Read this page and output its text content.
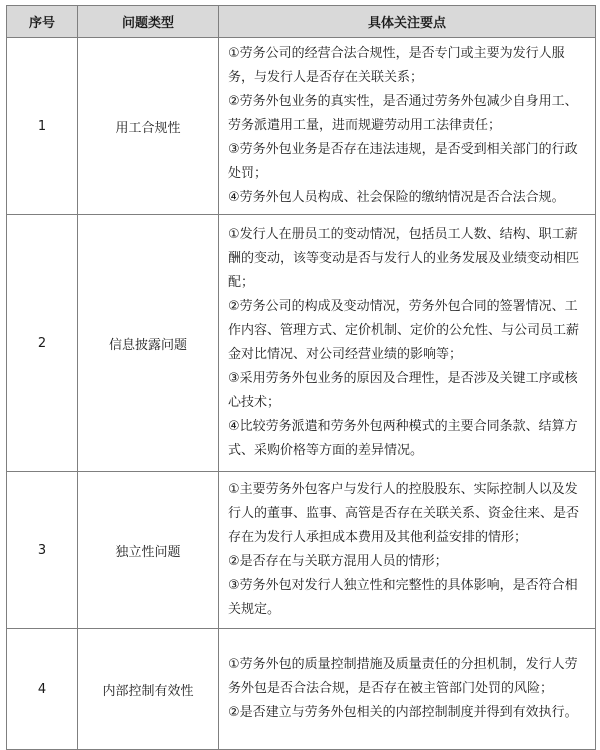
序号	问题类型	具体关注要点
1	用工合规性	①劳务公司的经营合法合规性，是否专门或主要为发行人服务，与发行人是否存在关联关系；
②劳务外包业务的真实性，是否通过劳务外包减少自身用工、劳务派遣用工量，进而规避劳动用工法律责任；
③劳务外包业务是否存在违法违规，是否受到相关部门的行政处罚；
④劳务外包人员构成、社会保险的缴纳情况是否合法合规。

2	信息披露问题	①发行人在册员工的变动情况，包括员工人数、结构、职工薪酬的变动，该等变动是否与发行人的业务发展及业绩变动相匹配；
②劳务公司的构成及变动情况，劳务外包合同的签署情况、工作内容、管理方式、定价机制、定价的公允性、与公司员工薪金对比情况、对公司经营业绩的影响等；
③采用劳务外包业务的原因及合理性，是否涉及关键工序或核心技术；
④比较劳务派遣和劳务外包两种模式的主要合同条款、结算方式、采购价格等方面的差异情况。

3	独立性问题	①主要劳务外包客户与发行人的控股股东、实际控制人以及发行人的董事、监事、高管是否存在关联关系、资金往来、是否存在为发行人承担成本费用及其他利益安排的情形；
②是否存在与关联方混用人员的情形；
③劳务外包对发行人独立性和完整性的具体影响，是否符合相关规定。

4	内部控制有效性	①劳务外包的质量控制措施及质量责任的分担机制，发行人劳务外包是否合法合规，是否存在被主管部门处罚的风险；
②是否建立与劳务外包相关的内部控制制度并得到有效执行。
